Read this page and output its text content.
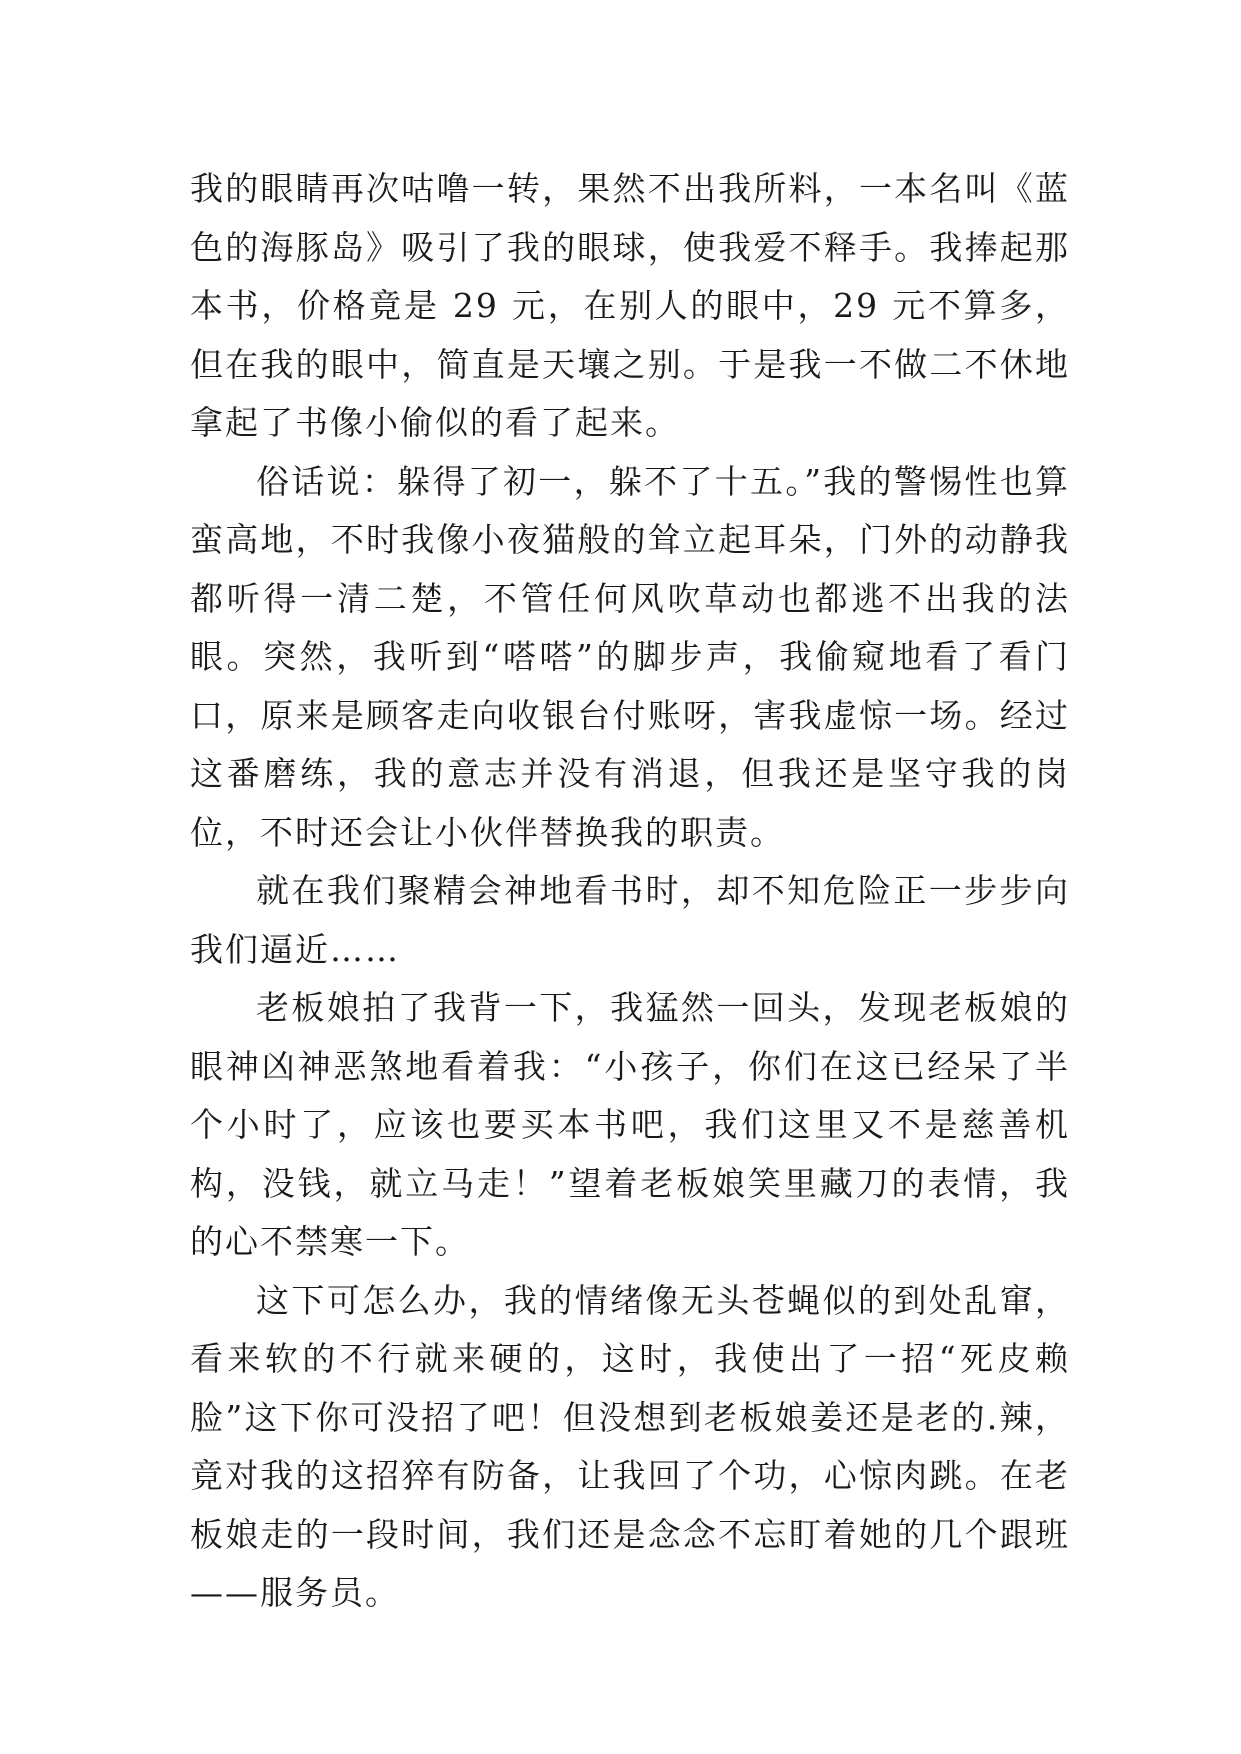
我的眼睛再次咕噜一转，果然不出我所料，一本名叫《蓝色的海豚岛》吸引了我的眼球，使我爱不释手。我捧起那本书，价格竟是 29 元，在别人的眼中，29 元不算多，但在我的眼中，简直是天壤之别。于是我一不做二不休地拿起了书像小偷似的看了起来。

俗话说：躲得了初一，躲不了十五。”我的警惕性也算蛮高地，不时我像小夜猫般的耸立起耳朵，门外的动静我都听得一清二楚，不管任何风吹草动也都逃不出我的法眼。突然，我听到“嗒嗒”的脚步声，我偷窥地看了看门口，原来是顾客走向收银台付账呀，害我虚惊一场。经过这番磨练，我的意志并没有消退，但我还是坚守我的岗位，不时还会让小伙伴替换我的职责。

就在我们聚精会神地看书时，却不知危险正一步步向我们逼近……

老板娘拍了我背一下，我猛然一回头，发现老板娘的眼神凶神恶煞地看着我：“小孩子，你们在这已经呆了半个小时了，应该也要买本书吧，我们这里又不是慈善机构，没钱，就立马走！”望着老板娘笑里藏刀的表情，我的心不禁寒一下。

这下可怎么办，我的情绪像无头苍蝇似的到处乱窜，看来软的不行就来硬的，这时，我使出了一招“死皮赖脸”这下你可没招了吧！但没想到老板娘姜还是老的.辣，竟对我的这招猝有防备，让我回了个功，心惊肉跳。在老板娘走的一段时间，我们还是念念不忘盯着她的几个跟班——服务员。
